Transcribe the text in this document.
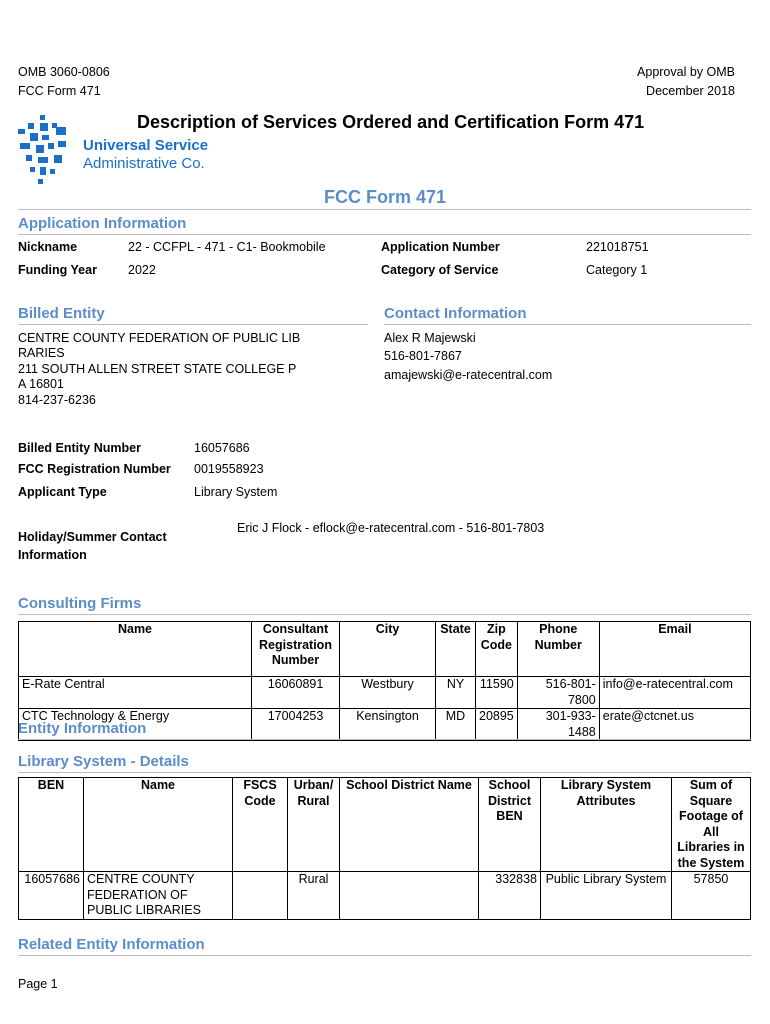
OMB 3060-0806
FCC Form 471
Approval by OMB
December 2018
Universal Service
Administrative Co.
Description of Services Ordered and Certification Form 471
FCC Form 471
Application Information
Nickname	22 - CCFPL - 471 - C1- Bookmobile	Application Number	221018751
Funding Year 2022	Category of Service	Category 1
Billed Entity	Contact Information
CENTRE COUNTY FEDERATION OF PUBLIC LIB
RARIES
211 SOUTH ALLEN STREET STATE COLLEGE P
A 16801
814-237-6236
Alex R Majewski
516-801-7867
amajewski@e-ratecentral.com
Billed Entity Number	16057686
FCC Registration Number 0019558923
Applicant Type	Library System
Holiday/Summer Contact
Information
Eric J Flock - eflock@e-ratecentral.com - 516-801-7803
Consulting Firms
Name	Consultant Registration Number	City	State	Zip Code	Phone Number	Email
E-Rate Central	16060891	Westbury	NY	11590	516-801-7800	info@e-ratecentral.com
CTC Technology & Energy	17004253	Kensington	MD	20895	301-933-1488	erate@ctcnet.us
Entity Information
Library System - Details
BEN	Name	FSCS Code	Urban/ Rural	School District Name	School District BEN	Library System Attributes	Sum of Square Footage of All Libraries in the System
16057686	CENTRE COUNTY FEDERATION OF PUBLIC LIBRARIES		Rural		332838	Public Library System	57850
Related Entity Information
Page 1
